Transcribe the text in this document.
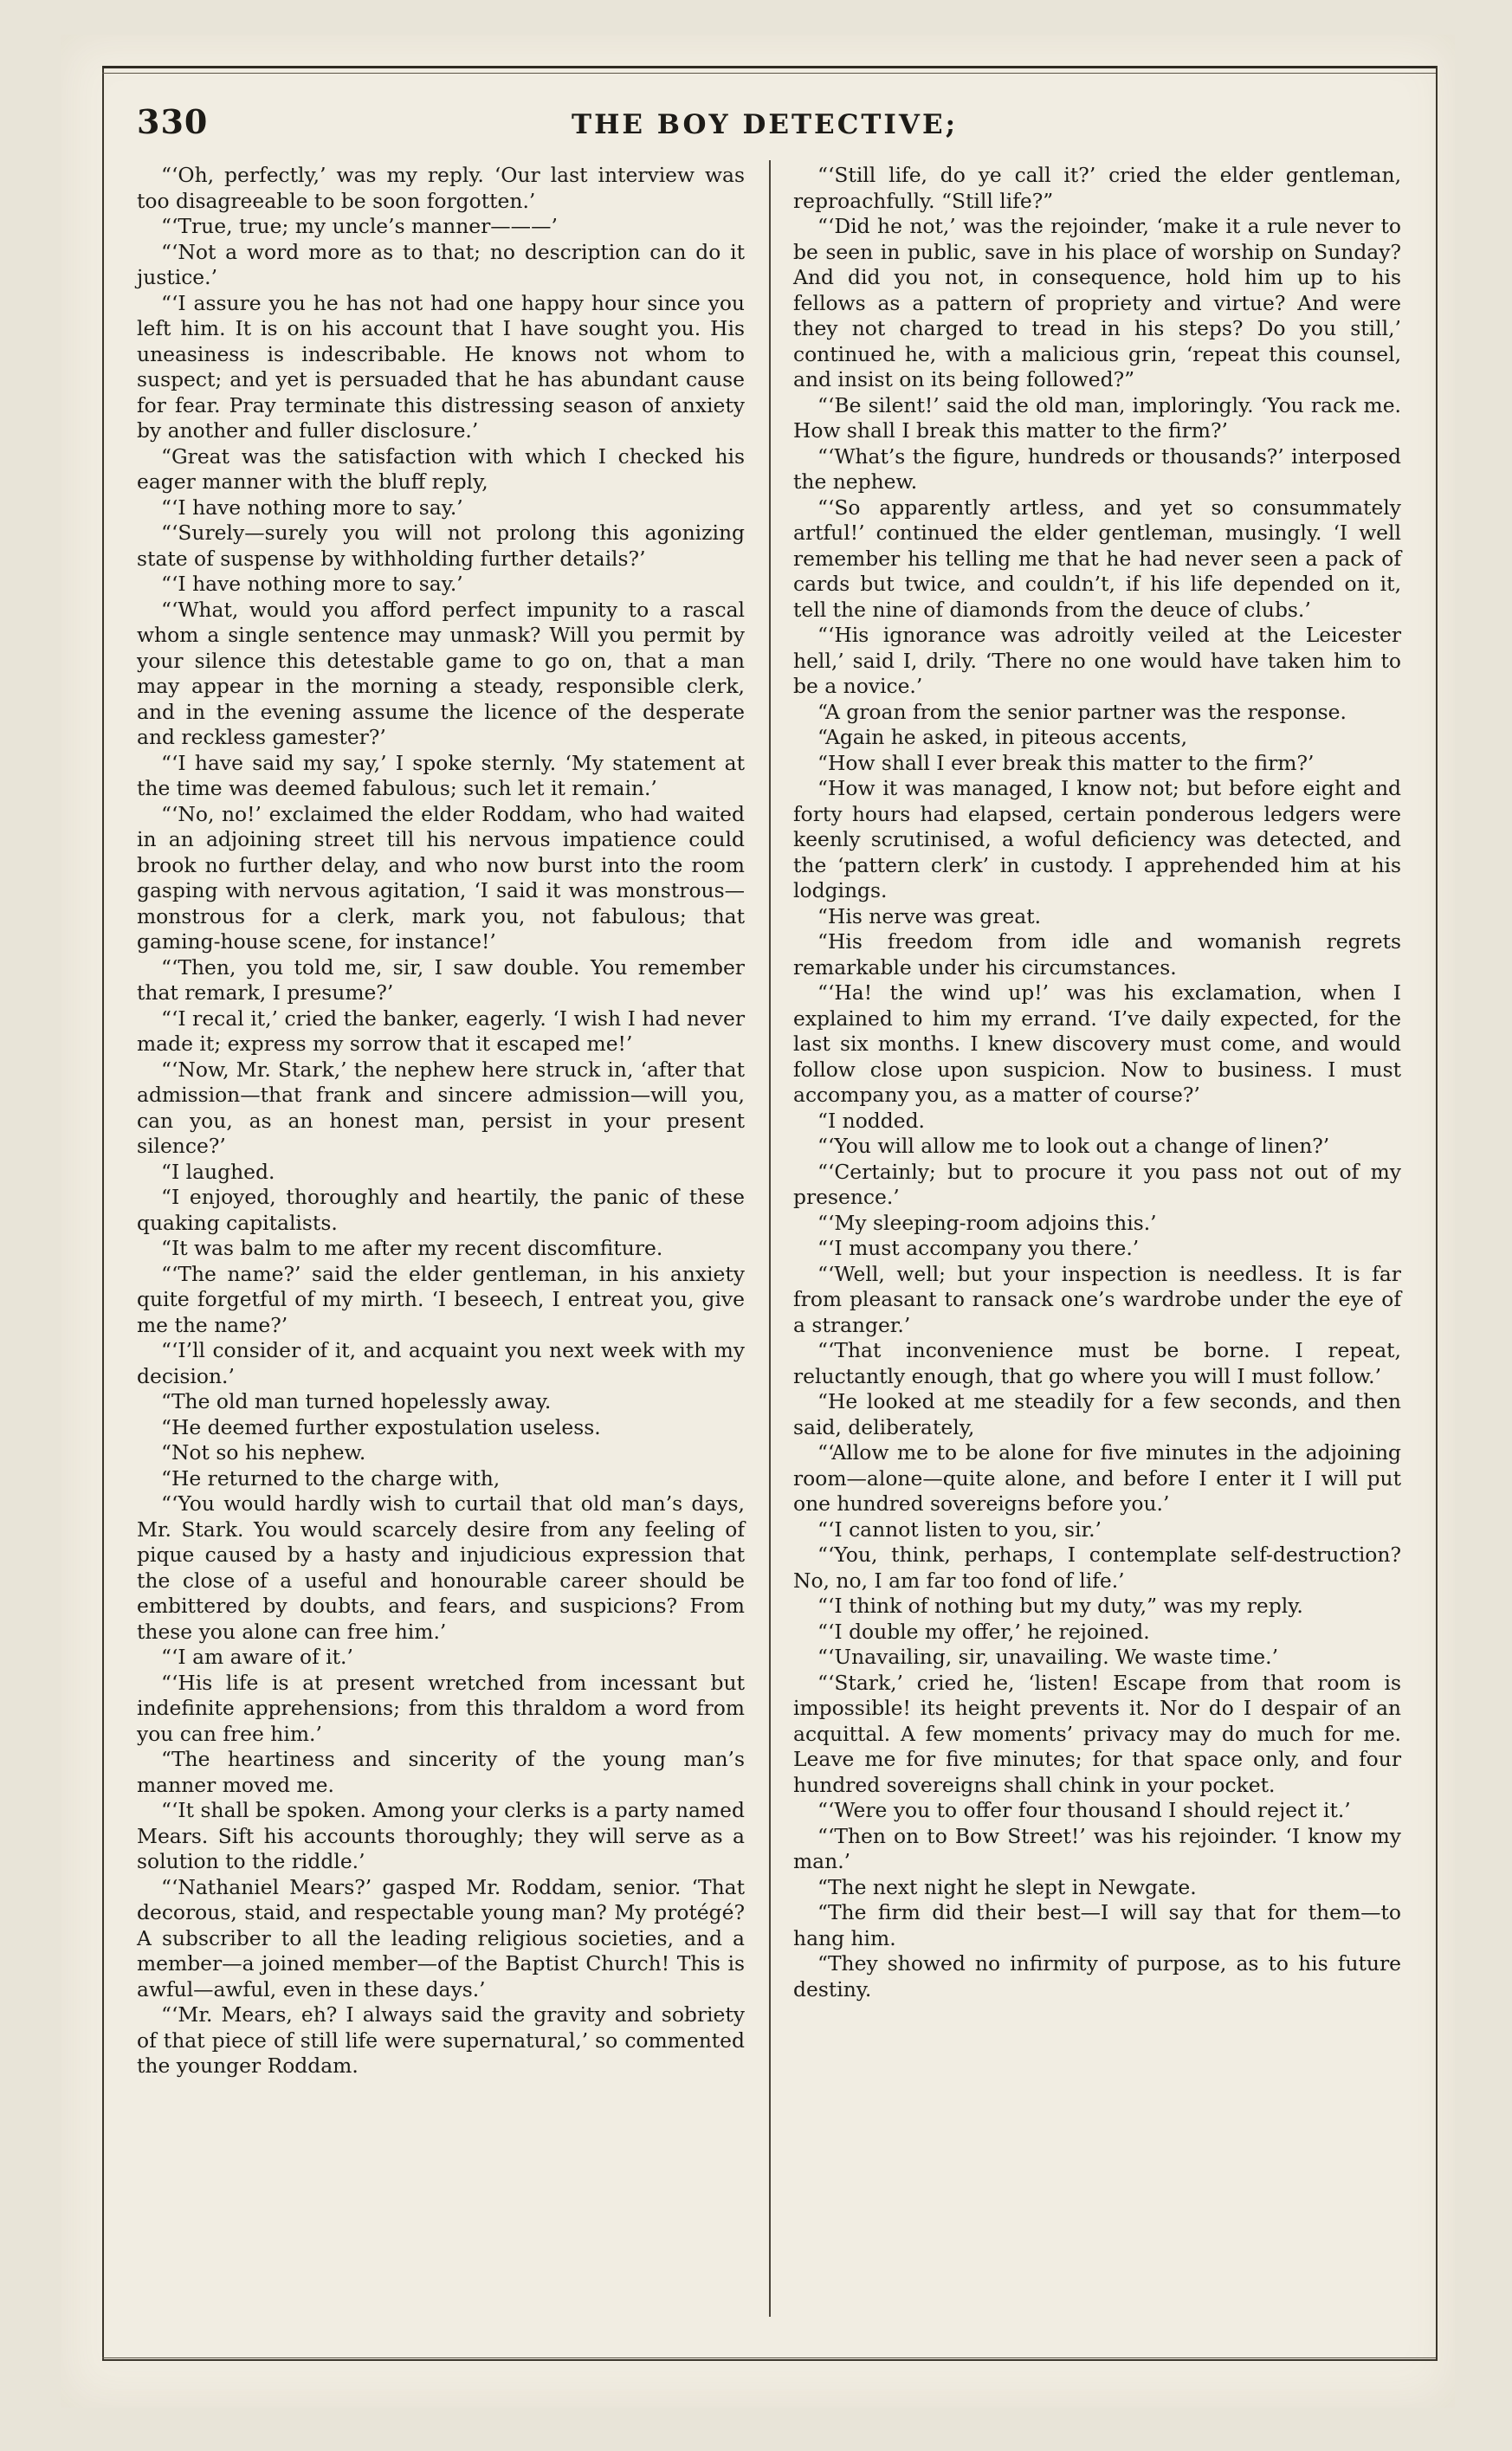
330	THE BOY DETECTIVE;

“‘Oh, perfectly,’ was my reply. ‘Our last interview was too disagreeable to be soon forgotten.’

“‘True, true; my uncle’s manner———’

“‘Not a word more as to that; no description can do it justice.’

“‘I assure you he has not had one happy hour since you left him. It is on his account that I have sought you. His uneasiness is indescribable. He knows not whom to suspect; and yet is persuaded that he has abundant cause for fear. Pray terminate this distressing season of anxiety by another and fuller disclosure.’

“Great was the satisfaction with which I checked his eager manner with the bluff reply,

“‘I have nothing more to say.’

“‘Surely—surely you will not prolong this agonizing state of suspense by withholding further details?’

“‘I have nothing more to say.’

“‘What, would you afford perfect impunity to a rascal whom a single sentence may unmask? Will you permit by your silence this detestable game to go on, that a man may appear in the morning a steady, responsible clerk, and in the evening assume the licence of the desperate and reckless gamester?’

“‘I have said my say,’ I spoke sternly. ‘My statement at the time was deemed fabulous; such let it remain.’

“‘No, no!’ exclaimed the elder Roddam, who had waited in an adjoining street till his nervous impatience could brook no further delay, and who now burst into the room gasping with nervous agitation, ‘I said it was monstrous—monstrous for a clerk, mark you, not fabulous; that gaming-house scene, for instance!’

“‘Then, you told me, sir, I saw double. You remember that remark, I presume?’

“‘I recal it,’ cried the banker, eagerly. ‘I wish I had never made it; express my sorrow that it escaped me!’

“‘Now, Mr. Stark,’ the nephew here struck in, ‘after that admission—that frank and sincere admission—will you, can you, as an honest man, persist in your present silence?’

“I laughed.

“I enjoyed, thoroughly and heartily, the panic of these quaking capitalists.

“It was balm to me after my recent discomfiture.

“‘The name?’ said the elder gentleman, in his anxiety quite forgetful of my mirth. ‘I beseech, I entreat you, give me the name?’

“‘I’ll consider of it, and acquaint you next week with my decision.’

“The old man turned hopelessly away.

“He deemed further expostulation useless.

“Not so his nephew.

“He returned to the charge with,

“‘You would hardly wish to curtail that old man’s days, Mr. Stark. You would scarcely desire from any feeling of pique caused by a hasty and injudicious expression that the close of a useful and honourable career should be embittered by doubts, and fears, and suspicions? From these you alone can free him.’

“‘I am aware of it.’

“‘His life is at present wretched from incessant but indefinite apprehensions; from this thraldom a word from you can free him.’

“The heartiness and sincerity of the young man’s manner moved me.

“‘It shall be spoken. Among your clerks is a party named Mears. Sift his accounts thoroughly; they will serve as a solution to the riddle.’

“‘Nathaniel Mears?’ gasped Mr. Roddam, senior. ‘That decorous, staid, and respectable young man? My protégé? A subscriber to all the leading religious societies, and a member—a joined member—of the Baptist Church! This is awful—awful, even in these days.’

“‘Mr. Mears, eh? I always said the gravity and sobriety of that piece of still life were supernatural,’ so commented the younger Roddam.

“‘Still life, do ye call it?’ cried the elder gentleman, reproachfully. “Still life?”

“‘Did he not,’ was the rejoinder, ‘make it a rule never to be seen in public, save in his place of worship on Sunday? And did you not, in consequence, hold him up to his fellows as a pattern of propriety and virtue? And were they not charged to tread in his steps? Do you still,’ continued he, with a malicious grin, ‘repeat this counsel, and insist on its being followed?”

“‘Be silent!’ said the old man, imploringly. ‘You rack me. How shall I break this matter to the firm?’

“‘What’s the figure, hundreds or thousands?’ interposed the nephew.

“‘So apparently artless, and yet so consummately artful!’ continued the elder gentleman, musingly. ‘I well remember his telling me that he had never seen a pack of cards but twice, and couldn’t, if his life depended on it, tell the nine of diamonds from the deuce of clubs.’

“‘His ignorance was adroitly veiled at the Leicester hell,’ said I, drily. ‘There no one would have taken him to be a novice.’

“A groan from the senior partner was the response.

“Again he asked, in piteous accents,

“How shall I ever break this matter to the firm?’

“How it was managed, I know not; but before eight and forty hours had elapsed, certain ponderous ledgers were keenly scrutinised, a woful deficiency was detected, and the ‘pattern clerk’ in custody. I apprehended him at his lodgings.

“His nerve was great.

“His freedom from idle and womanish regrets remarkable under his circumstances.

“‘Ha! the wind up!’ was his exclamation, when I explained to him my errand. ‘I’ve daily expected, for the last six months. I knew discovery must come, and would follow close upon suspicion. Now to business. I must accompany you, as a matter of course?’

“I nodded.

“‘You will allow me to look out a change of linen?’

“‘Certainly; but to procure it you pass not out of my presence.’

“‘My sleeping-room adjoins this.’

“‘I must accompany you there.’

“‘Well, well; but your inspection is needless. It is far from pleasant to ransack one’s wardrobe under the eye of a stranger.’

“‘That inconvenience must be borne. I repeat, reluctantly enough, that go where you will I must follow.’

“He looked at me steadily for a few seconds, and then said, deliberately,

“‘Allow me to be alone for five minutes in the adjoining room—alone—quite alone, and before I enter it I will put one hundred sovereigns before you.’

“‘I cannot listen to you, sir.’

“‘You, think, perhaps, I contemplate self-destruction? No, no, I am far too fond of life.’

“‘I think of nothing but my duty,” was my reply.

“‘I double my offer,’ he rejoined.

“‘Unavailing, sir, unavailing. We waste time.’

“‘Stark,’ cried he, ‘listen! Escape from that room is impossible! its height prevents it. Nor do I despair of an acquittal. A few moments’ privacy may do much for me. Leave me for five minutes; for that space only, and four hundred sovereigns shall chink in your pocket.

“‘Were you to offer four thousand I should reject it.’

“‘Then on to Bow Street!’ was his rejoinder. ‘I know my man.’

“The next night he slept in Newgate.

“The firm did their best—I will say that for them—to hang him.

“They showed no infirmity of purpose, as to his future destiny.
